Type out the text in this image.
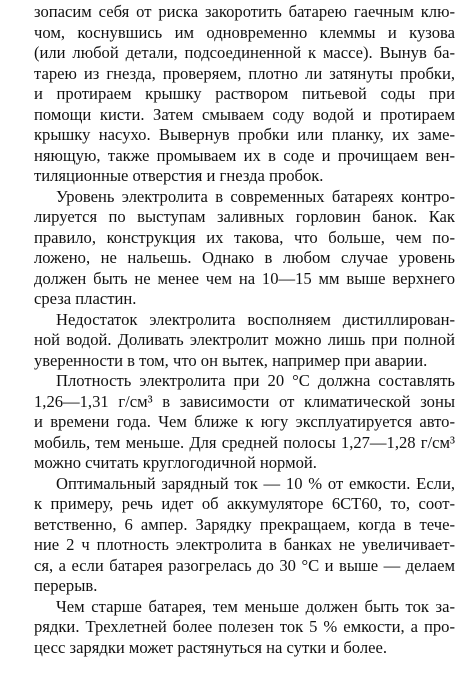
зопасим себя от риска закоротить батарею гаечным клю-
чом, коснувшись им одновременно клеммы и кузова
(или любой детали, подсоединенной к массе). Вынув ба-
тарею из гнезда, проверяем, плотно ли затянуты пробки,
и протираем крышку раствором питьевой соды при
помощи кисти. Затем смываем соду водой и протираем
крышку насухо. Вывернув пробки или планку, их заме-
няющую, также промываем их в соде и прочищаем вен-
тиляционные отверстия и гнезда пробок.
Уровень электролита в современных батареях контро-
лируется по выступам заливных горловин банок. Как
правило, конструкция их такова, что больше, чем по-
ложено, не нальешь. Однако в любом случае уровень
должен быть не менее чем на 10—15 мм выше верхнего
среза пластин.
Недостаток электролита восполняем дистиллирован-
ной водой. Доливать электролит можно лишь при полной
уверенности в том, что он вытек, например при аварии.
Плотность электролита при 20 °С должна составлять
1,26—1,31 г/см³ в зависимости от климатической зоны
и времени года. Чем ближе к югу эксплуатируется авто-
мобиль, тем меньше. Для средней полосы 1,27—1,28 г/см³
можно считать круглогодичной нормой.
Оптимальный зарядный ток — 10 % от емкости. Если,
к примеру, речь идет об аккумуляторе 6СТ60, то, соот-
ветственно, 6 ампер. Зарядку прекращаем, когда в тече-
ние 2 ч плотность электролита в банках не увеличивает-
ся, а если батарея разогрелась до 30 °С и выше — делаем
перерыв.
Чем старше батарея, тем меньше должен быть ток за-
рядки. Трехлетней более полезен ток 5 % емкости, а про-
цесс зарядки может растянуться на сутки и более.
